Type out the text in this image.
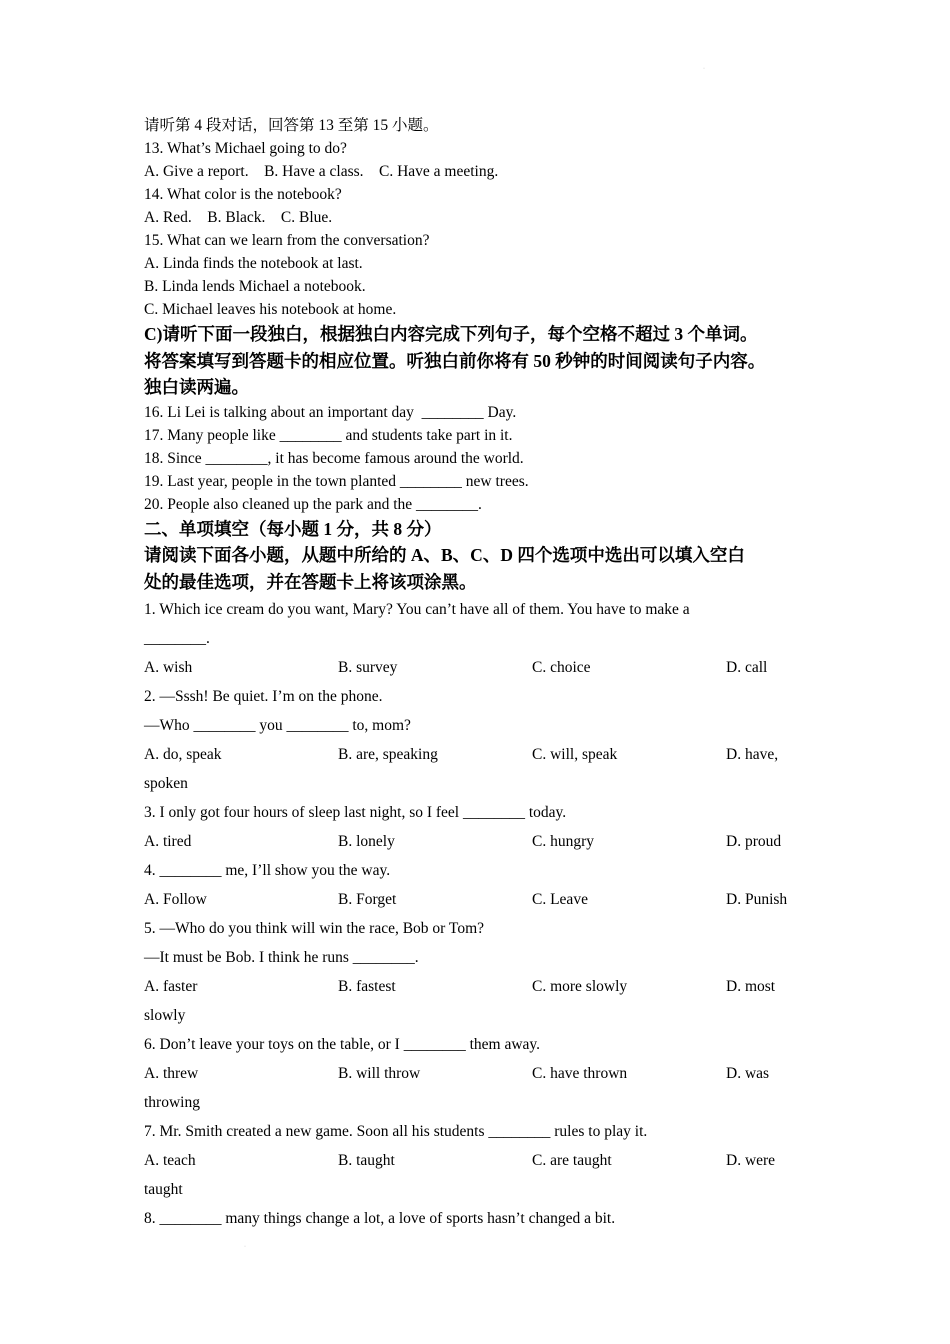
·
·
请听第 4 段对话，回答第 13 至第 15 小题。
13. What’s Michael going to do?
A. Give a report.    B. Have a class.    C. Have a meeting.
14. What color is the notebook?
A. Red.    B. Black.    C. Blue.
15. What can we learn from the conversation?
A. Linda finds the notebook at last.
B. Linda lends Michael a notebook.
C. Michael leaves his notebook at home.
C)请听下面一段独白，根据独白内容完成下列句子，每个空格不超过 3 个单词。
将答案填写到答题卡的相应位置。听独白前你将有 50 秒钟的时间阅读句子内容。
独白读两遍。
16. Li Lei is talking about an important day  ________ Day.
17. Many people like ________ and students take part in it.
18. Since ________, it has become famous around the world.
19. Last year, people in the town planted ________ new trees.
20. People also cleaned up the park and the ________.
二、单项填空（每小题 1 分，共 8 分）
请阅读下面各小题，从题中所给的 A、B、C、D 四个选项中选出可以填入空白
处的最佳选项，并在答题卡上将该项涂黑。
1. Which ice cream do you want, Mary? You can’t have all of them. You have to make a
________.
A. wish	B. survey	C. choice	D. call
2. —Sssh! Be quiet. I’m on the phone.
—Who ________ you ________ to, mom?
A. do, speak	B. are, speaking	C. will, speak	D. have,
spoken
3. I only got four hours of sleep last night, so I feel ________ today.
A. tired	B. lonely	C. hungry	D. proud
4. ________ me, I’ll show you the way.
A. Follow	B. Forget	C. Leave	D. Punish
5. —Who do you think will win the race, Bob or Tom?
—It must be Bob. I think he runs ________.
A. faster	B. fastest	C. more slowly	D. most
slowly
6. Don’t leave your toys on the table, or I ________ them away.
A. threw	B. will throw	C. have thrown	D. was
throwing
7. Mr. Smith created a new game. Soon all his students ________ rules to play it.
A. teach	B. taught	C. are taught	D. were
taught
8. ________ many things change a lot, a love of sports hasn’t changed a bit.
